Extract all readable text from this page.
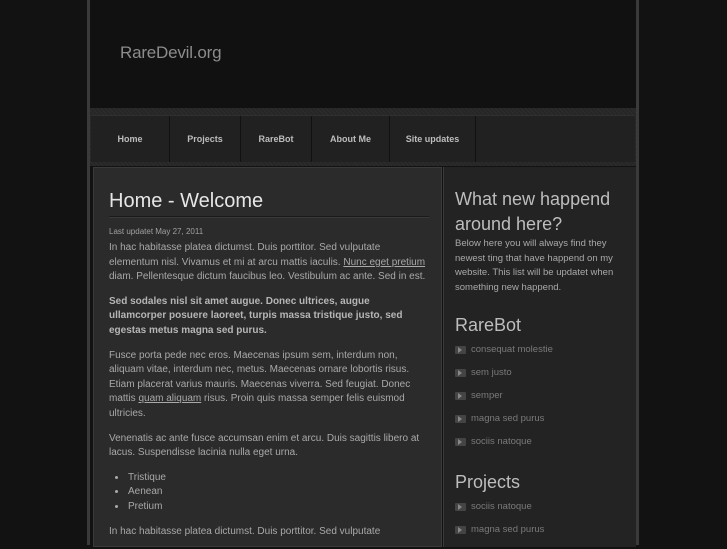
RareDevil.org
Home	Projects	RareBot	About Me	Site updates
Home - Welcome
Last updatet May 27, 2011

In hac habitasse platea dictumst. Duis porttitor. Sed vulputate elementum nisl. Vivamus et mi at arcu mattis iaculis. Nunc eget pretium diam. Pellentesque dictum faucibus leo. Vestibulum ac ante. Sed in est.

Sed sodales nisl sit amet augue. Donec ultrices, augue ullamcorper posuere laoreet, turpis massa tristique justo, sed egestas metus magna sed purus.

Fusce porta pede nec eros. Maecenas ipsum sem, interdum non, aliquam vitae, interdum nec, metus. Maecenas ornare lobortis risus. Etiam placerat varius mauris. Maecenas viverra. Sed feugiat. Donec mattis quam aliquam risus. Proin quis massa semper felis euismod ultricies.

Venenatis ac ante fusce accumsan enim et arcu. Duis sagittis libero at lacus. Suspendisse lacinia nulla eget urna.

• Tristique
• Aenean
• Pretium

In hac habitasse platea dictumst. Duis porttitor. Sed vulputate

What new happend around here?

Below here you will always find they newest ting that have happend on my website. This list will be updatet when something new happend.

RareBot
consequat molestie
sem justo
semper
magna sed purus
sociis natoque
Projects
sociis natoque
magna sed purus
